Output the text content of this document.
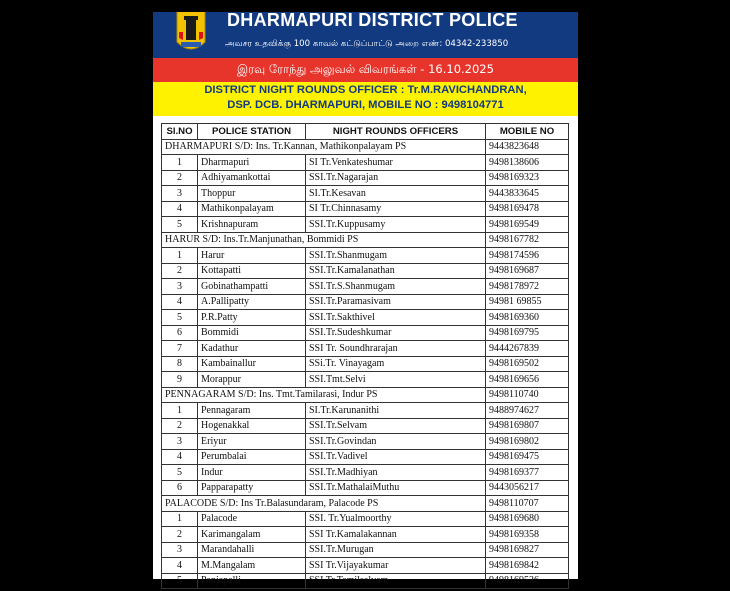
DHARMAPURI DISTRICT POLICE
அவசர உதவிக்கு 100 காவல் கட்டுப்பாட்டு அறை எண்: 04342-233850
இரவு ரோந்து அலுவல் விவரங்கள் - 16.10.2025
DISTRICT NIGHT ROUNDS OFFICER : Tr.M.RAVICHANDRAN,
DSP. DCB. DHARMAPURI, MOBILE NO : 9498104771
Sl.NO	POLICE STATION	NIGHT ROUNDS OFFICERS	MOBILE NO
DHARMAPURI S/D: Ins. Tr.Kannan, Mathikonpalayam PS			9443823648
1	Dharmapuri	SI Tr.Venkateshumar	9498138606
2	Adhiyamankottai	SSI.Tr.Nagarajan	9498169323
3	Thoppur	SI.Tr.Kesavan	9443833645
4	Mathikonpalayam	SI Tr.Chinnasamy	9498169478
5	Krishnapuram	SSI.Tr.Kuppusamy	9498169549
HARUR S/D: Ins.Tr.Manjunathan, Bommidi PS			9498167782
1	Harur	SSI.Tr.Shanmugam	9498174596
2	Kottapatti	SSI.Tr.Kamalanathan	9498169687
3	Gobinathampatti	SSI.Tr.S.Shanmugam	9498178972
4	A.Pallipatty	SSI.Tr.Paramasivam	94981 69855
5	P.R.Patty	SSI.Tr.Sakthivel	9498169360
6	Bommidi	SSI.Tr.Sudeshkumar	9498169795
7	Kadathur	SSI Tr. Soundhrarajan	9444267839
8	Kambainallur	SSi.Tr. Vinayagam	9498169502
9	Morappur	SSI.Tmt.Selvi	9498169656
PENNAGARAM S/D: Ins. Tmt.Tamilarasi, Indur PS			9498110740
1	Pennagaram	SI.Tr.Karunanithi	9488974627
2	Hogenakkal	SSI.Tr.Selvam	9498169807
3	Eriyur	SSI.Tr.Govindan	9498169802
4	Perumbalai	SSI.Tr.Vadivel	9498169475
5	Indur	SSI.Tr.Madhiyan	9498169377
6	Papparapatty	SSI.Tr.MathalaiMuthu	9443056217
PALACODE S/D: Ins Tr.Balasundaram, Palacode PS			9498110707
1	Palacode	SSI. Tr.Yualmoorthy	9498169680
2	Karimangalam	SSI Tr.Kamalakannan	9498169358
3	Marandahalli	SSI.Tr.Murugan	9498169827
4	M.Mangalam	SSI Tr.Vijayakumar	9498169842
5	Panjapalli	SSI Tr.Tamilselvam	9498169536
